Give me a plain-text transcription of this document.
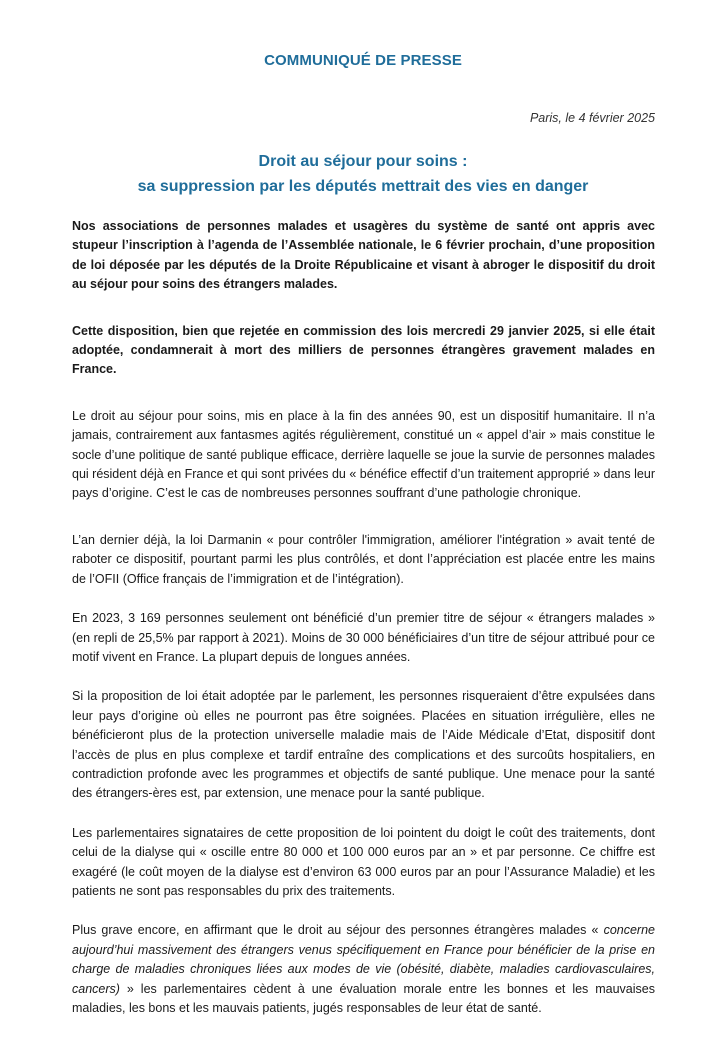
COMMUNIQUÉ DE PRESSE
Paris, le 4 février 2025
Droit au séjour pour soins :
sa suppression par les députés mettrait des vies en danger

Nos associations de personnes malades et usagères du système de santé ont appris avec stupeur l’inscription à l’agenda de l’Assemblée nationale, le 6 février prochain, d’une proposition de loi déposée par les députés de la Droite Républicaine et visant à abroger le dispositif du droit au séjour pour soins des étrangers malades.

Cette disposition, bien que rejetée en commission des lois mercredi 29 janvier 2025, si elle était adoptée, condamnerait à mort des milliers de personnes étrangères gravement malades en France.

Le droit au séjour pour soins, mis en place à la fin des années 90, est un dispositif humanitaire. Il n’a jamais, contrairement aux fantasmes agités régulièrement, constitué un « appel d’air » mais constitue le socle d’une politique de santé publique efficace, derrière laquelle se joue la survie de personnes malades qui résident déjà en France et qui sont privées du « bénéfice effectif d’un traitement approprié » dans leur pays d’origine. C’est le cas de nombreuses personnes souffrant d’une pathologie chronique.

L’an dernier déjà, la loi Darmanin « pour contrôler l'immigration, améliorer l'intégration » avait tenté de raboter ce dispositif, pourtant parmi les plus contrôlés, et dont l’appréciation est placée entre les mains de l’OFII (Office français de l’immigration et de l’intégration).

En 2023, 3 169 personnes seulement ont bénéficié d’un premier titre de séjour « étrangers malades » (en repli de 25,5% par rapport à 2021). Moins de 30 000 bénéficiaires d’un titre de séjour attribué pour ce motif vivent en France. La plupart depuis de longues années.

Si la proposition de loi était adoptée par le parlement, les personnes risqueraient d’être expulsées dans leur pays d’origine où elles ne pourront pas être soignées. Placées en situation irrégulière, elles ne bénéficieront plus de la protection universelle maladie mais de l’Aide Médicale d’Etat, dispositif dont l’accès de plus en plus complexe et tardif entraîne des complications et des surcoûts hospitaliers, en contradiction profonde avec les programmes et objectifs de santé publique. Une menace pour la santé des étrangers-ères est, par extension, une menace pour la santé publique.

Les parlementaires signataires de cette proposition de loi pointent du doigt le coût des traitements, dont celui de la dialyse qui « oscille entre 80 000 et 100 000 euros par an » et par personne. Ce chiffre est exagéré (le coût moyen de la dialyse est d’environ 63 000 euros par an pour l’Assurance Maladie) et les patients ne sont pas responsables du prix des traitements.

Plus grave encore, en affirmant que le droit au séjour des personnes étrangères malades « concerne aujourd’hui massivement des étrangers venus spécifiquement en France pour bénéficier de la prise en charge de maladies chroniques liées aux modes de vie (obésité, diabète, maladies cardiovasculaires, cancers) » les parlementaires cèdent à une évaluation morale entre les bonnes et les mauvaises maladies, les bons et les mauvais patients, jugés responsables de leur état de santé.
